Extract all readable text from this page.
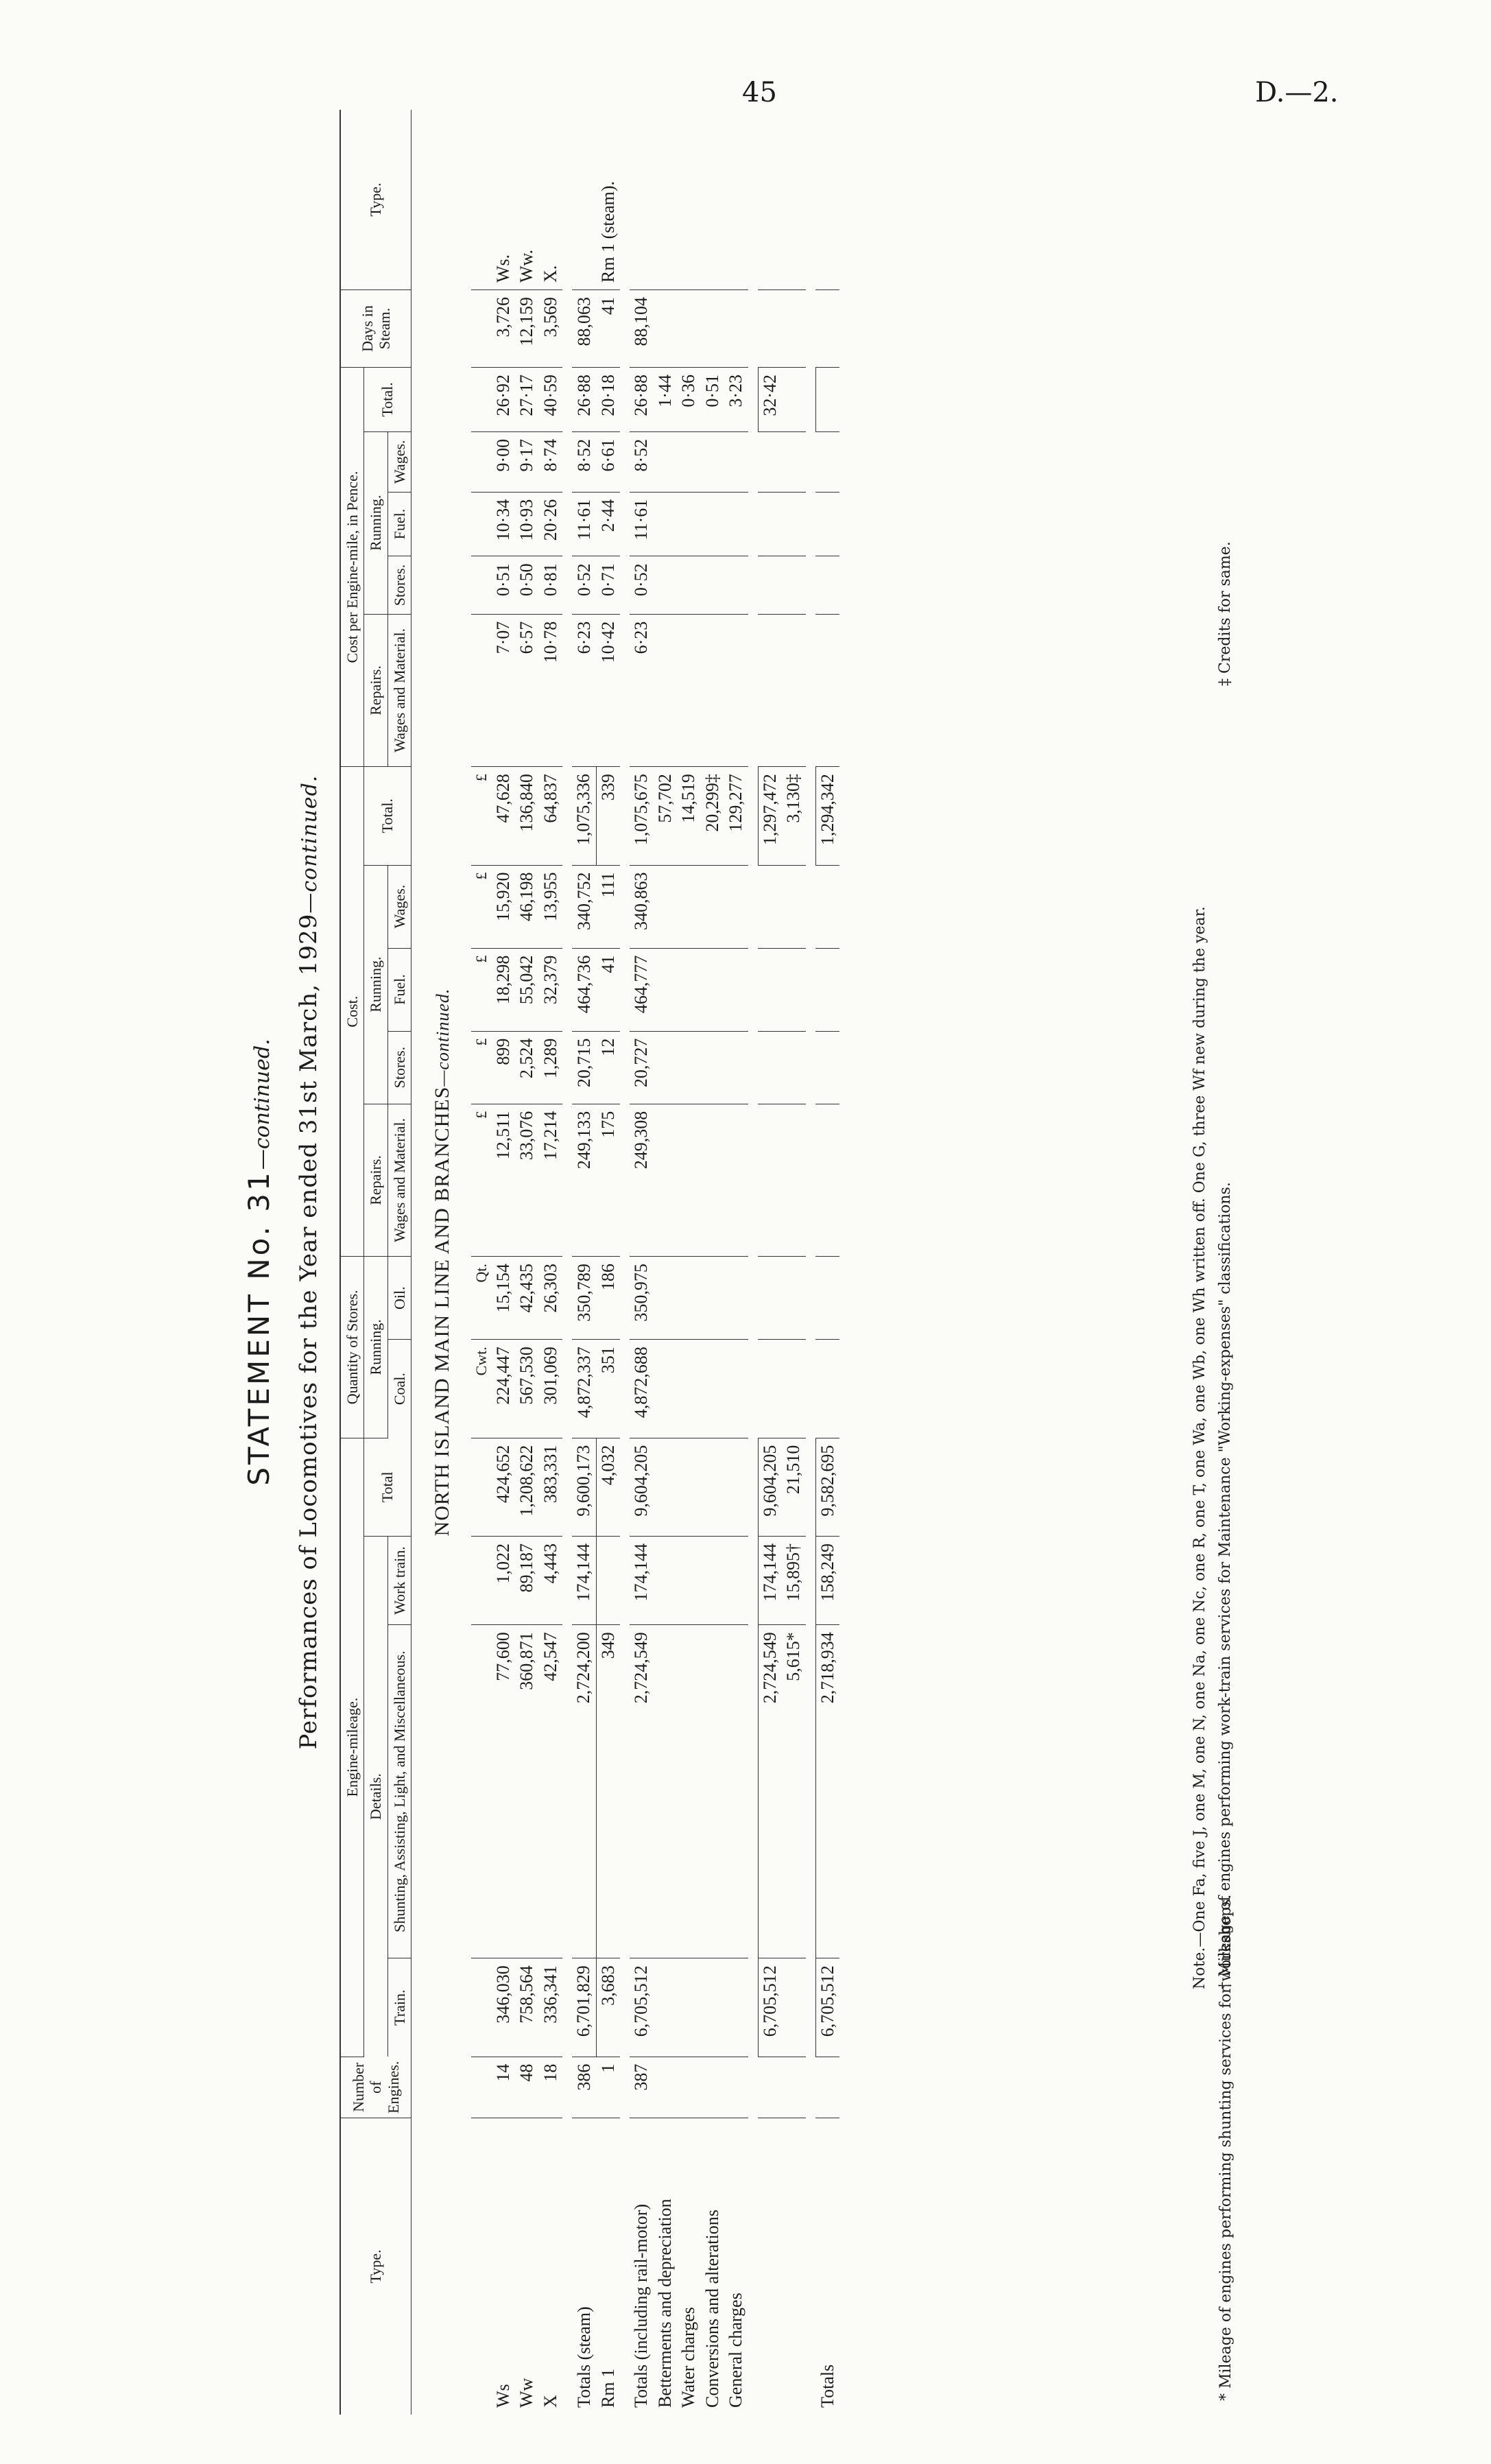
45	D.—2.
STATEMENT No. 31—continued. Performances of Locomotives for the Year ended 31st March, 1929—continued.
Type.	Number of Engines.	Engine-mileage.				Quantity of Stores.		Cost.					Cost per Engine-mile, in Pence.					Days in Steam.	Type.
		Details.			Total	Running.		Repairs.	Running.			Total.	Repairs.	Running.			Total.		
		Train.	Shunting, Assisting, Light, and Miscellaneous.	Work train.										Stores.	Fuel.	Wages.			
						Coal.	Oil.	Wages and Material.	Stores.	Fuel.	Wages.		Wages and Material.						
NORTH ISLAND MAIN LINE AND BRANCHES—continued.																			
						Cwt.	Qt.	£	£	£	£	£							
Ws	14	346,030	77,600	1,022	424,652	224,447	15,154	12,511	899	18,298	15,920	47,628	7·07	0·51	10·34	9·00	26·92	3,726	Ws.
Ww	48	758,564	360,871	89,187	1,208,622	567,530	42,435	33,076	2,524	55,042	46,198	136,840	6·57	0·50	10·93	9·17	27·17	12,159	Ww.
X	18	336,341	42,547	4,443	383,331	301,069	26,303	17,214	1,289	32,379	13,955	64,837	10·78	0·81	20·26	8·74	40·59	3,569	X.

Totals (steam)	386	6,701,829	2,724,200	174,144	9,600,173	4,872,337	350,789	249,133	20,715	464,736	340,752	1,075,336	6·23	0·52	11·61	8·52	26·88	88,063	
Rm 1	1	3,683	349		4,032	351	186	175	12	41	111	339	10·42	0·71	2·44	6·61	20·18	41	Rm 1 (steam).

Totals (including rail-motor)	387	6,705,512	2,724,549	174,144	9,604,205	4,872,688	350,975	249,308	20,727	464,777	340,863	1,075,675	6·23	0·52	11·61	8·52	26·88	88,104	
Betterments and depreciation												57,702					1·44		
Water charges												14,519					0·36		
Conversions and alterations												20,299‡					0·51		
General charges												129,277					3·23		

		6,705,512	2,724,549	174,144	9,604,205							1,297,472					32·42		
			5,615*	15,895†	21,510							3,130‡							

Totals		6,705,512	2,718,934	158,249	9,582,695							1,294,342							
Note.—One Fa, five J, one M, one N, one Na, one Nc, one R, one T, one Wa, one Wb, one Wh written off. One G, three Wf new during the year.
* Mileage of engines performing shunting services for workshops.
† Mileage of engines performing work-train services for Maintenance "Working-expenses" classifications.
‡ Credits for same.
